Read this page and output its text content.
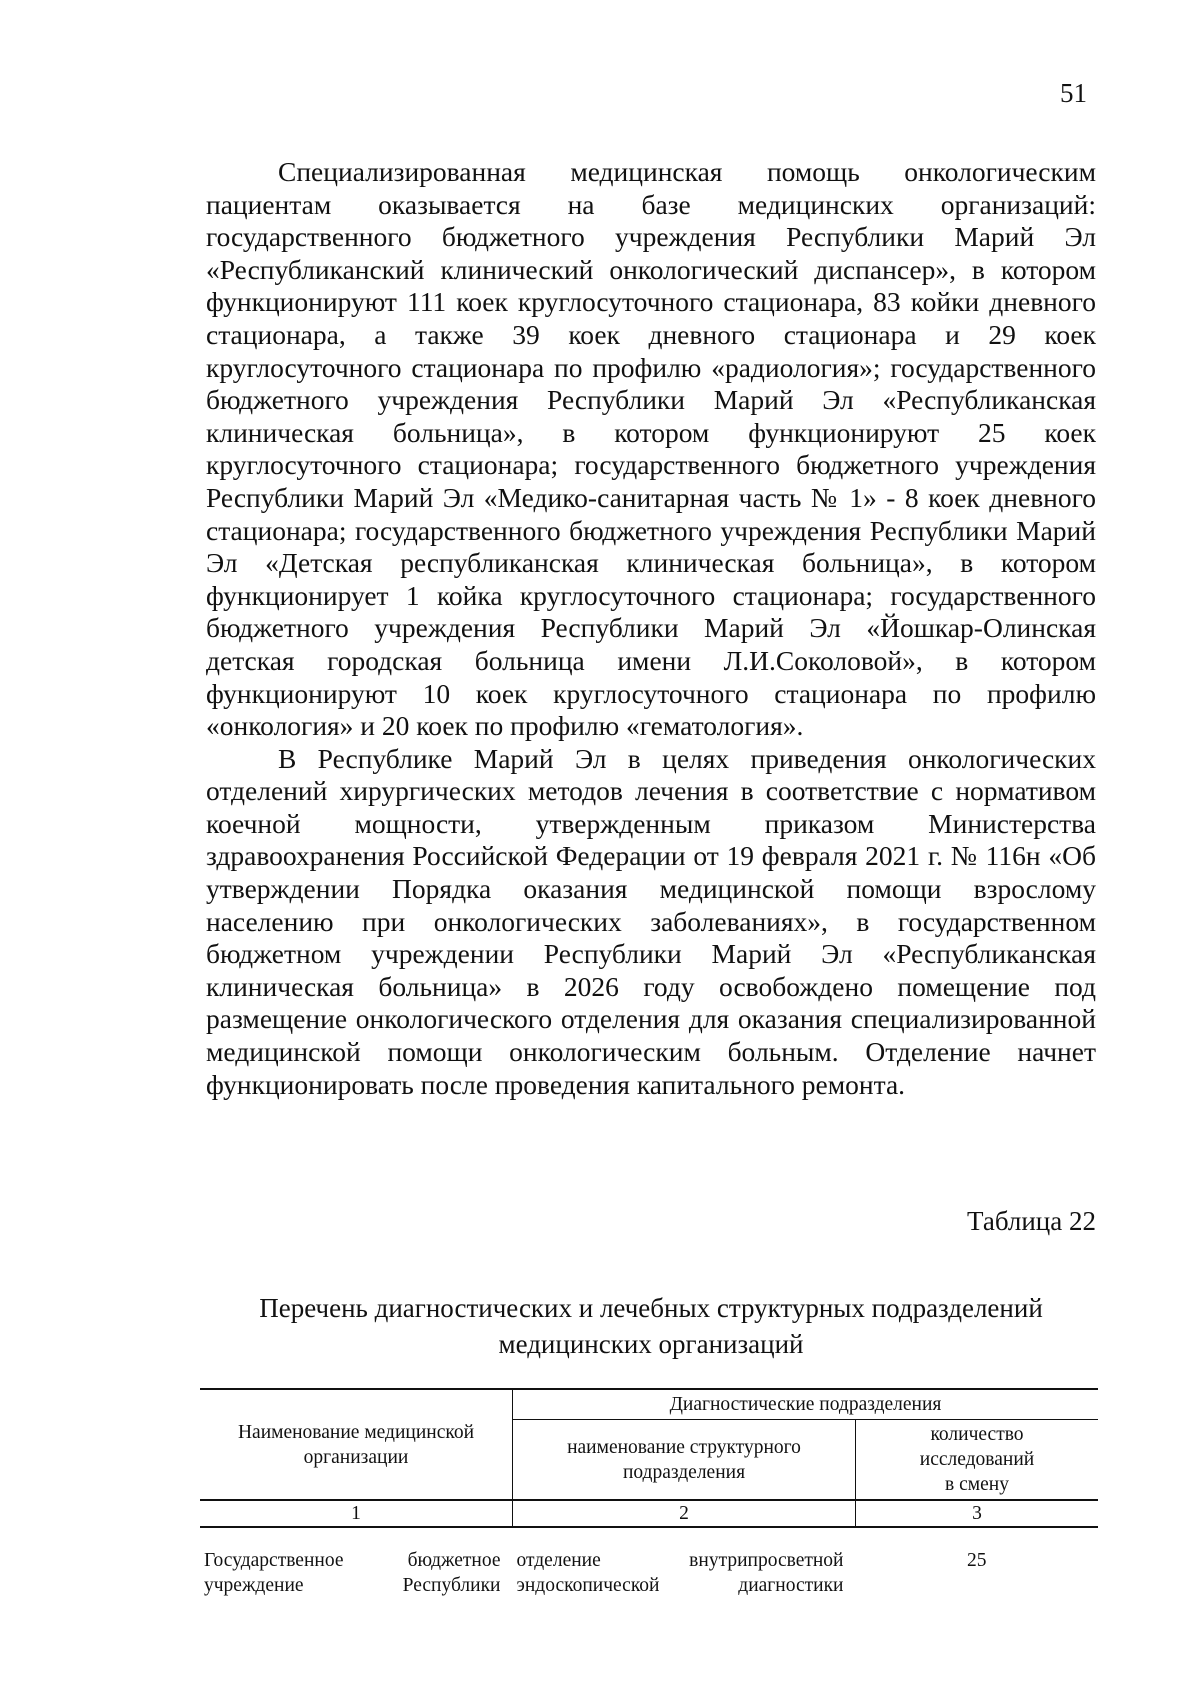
51

Специализированная медицинская помощь онкологическим пациентам оказывается на базе медицинских организаций: государственного бюджетного учреждения Республики Марий Эл «Республиканский клинический онкологический диспансер», в котором функционируют 111 коек круглосуточного стационара, 83 койки дневного стационара, а также 39 коек дневного стационара и 29 коек круглосуточного стационара по профилю «радиология»; государственного бюджетного учреждения Республики Марий Эл «Республиканская клиническая больница», в котором функционируют 25 коек круглосуточного стационара; государственного бюджетного учреждения Республики Марий Эл «Медико-санитарная часть № 1» - 8 коек дневного стационара; государственного бюджетного учреждения Республики Марий Эл «Детская республиканская клиническая больница», в котором функционирует 1 койка круглосуточного стационара; государственного бюджетного учреждения Республики Марий Эл «Йошкар-Олинская детская городская больница имени Л.И.Соколовой», в котором функционируют 10 коек круглосуточного стационара по профилю «онкология» и 20 коек по профилю «гематология».

В Республике Марий Эл в целях приведения онкологических отделений хирургических методов лечения в соответствие с нормативом коечной мощности, утвержденным приказом Министерства здравоохранения Российской Федерации от 19 февраля 2021 г. № 116н «Об утверждении Порядка оказания медицинской помощи взрослому населению при онкологических заболеваниях», в государственном бюджетном учреждении Республики Марий Эл «Республиканская клиническая больница» в 2026 году освобождено помещение под размещение онкологического отделения для оказания специализированной медицинской помощи онкологическим больным. Отделение начнет функционировать после проведения капитального ремонта.

Таблица 22
Перечень диагностических и лечебных структурных подразделений
медицинских организаций
Наименование медицинской организации	Диагностические подразделения	
	наименование структурного подразделения	количество
исследований
в смену

1	2	3
Государственное бюджетное учреждение Республики	отделение внутрипросветной эндоскопической диагностики	25
